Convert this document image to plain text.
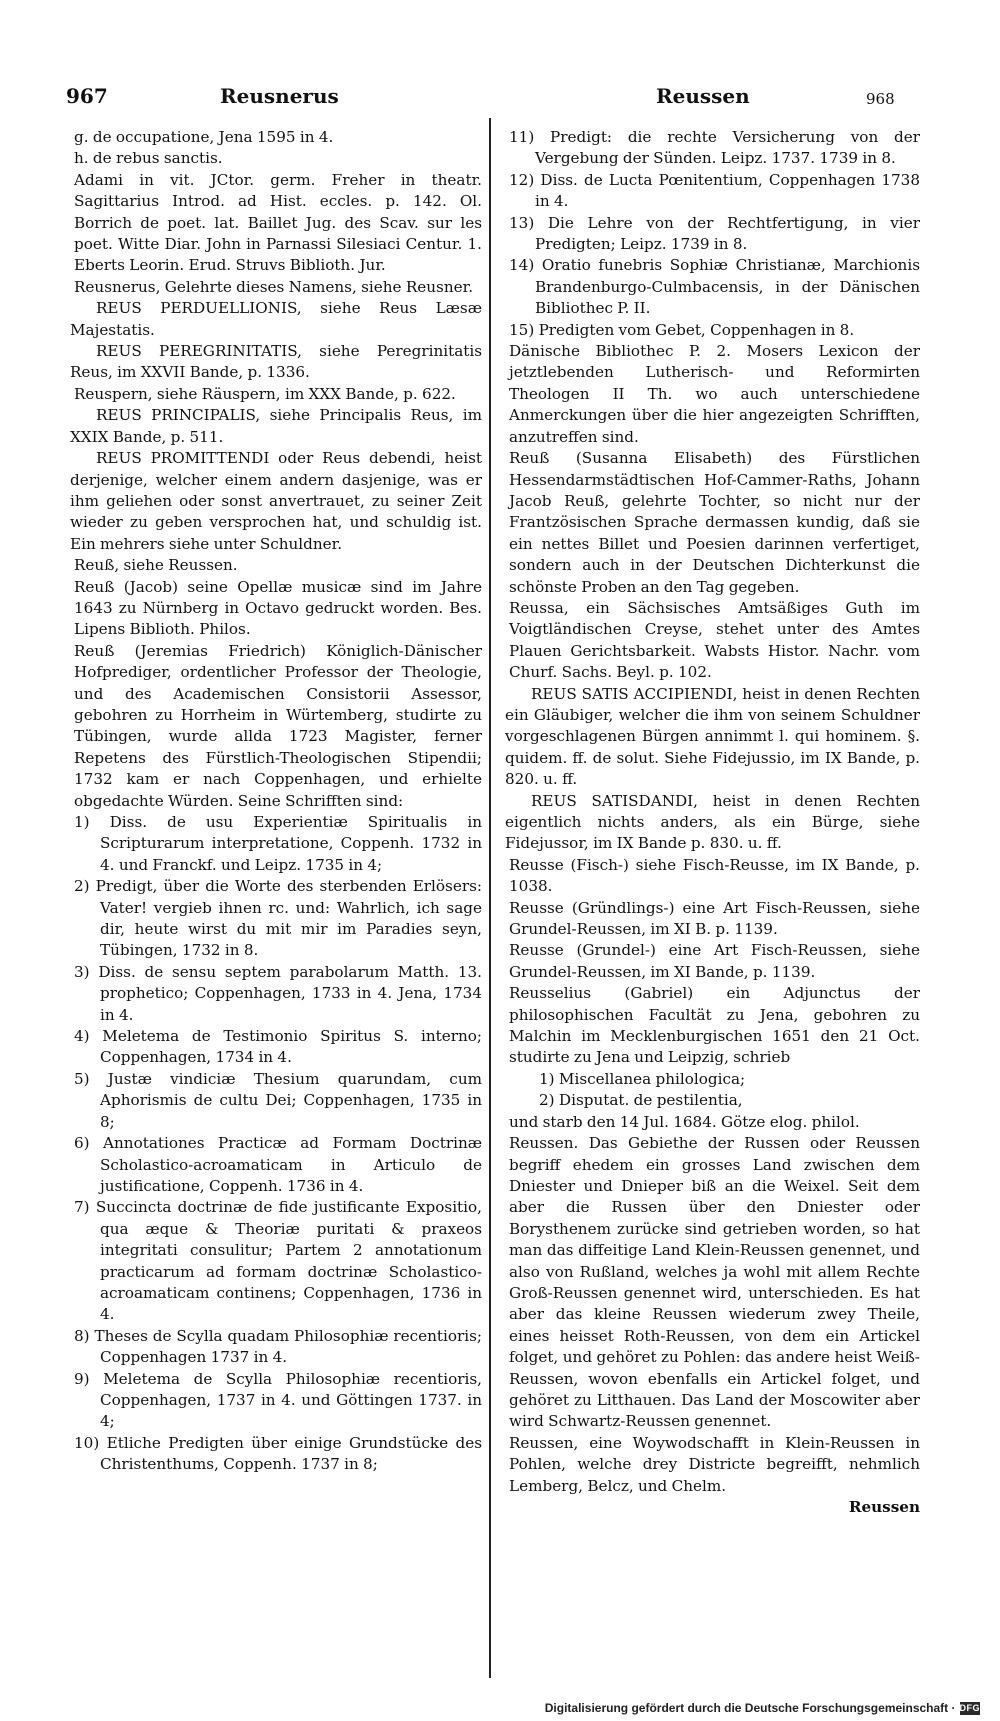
967	Reusnerus	Reussen	968

g. de occupatione, Jena 1595 in 4.

h. de rebus sanctis.

Adami in vit. JCtor. germ. Freher in theatr. Sagittarius Introd. ad Hist. eccles. p. 142. Ol. Borrich de poet. lat. Baillet Jug. des Scav. sur les poet. Witte Diar. John in Parnassi Silesiaci Centur. 1. Eberts Leorin. Erud. Struvs Biblioth. Jur.

Reusnerus, Gelehrte dieses Namens, siehe Reusner.

REUS PERDUELLIONIS, siehe Reus Læsæ Majestatis.

REUS PEREGRINITATIS, siehe Peregrinitatis Reus, im XXVII Bande, p. 1336.

Reuspern, siehe Räuspern, im XXX Bande, p. 622.

REUS PRINCIPALIS, siehe Principalis Reus, im XXIX Bande, p. 511.

REUS PROMITTENDI oder Reus debendi, heist derjenige, welcher einem andern dasjenige, was er ihm geliehen oder sonst anvertrauet, zu seiner Zeit wieder zu geben versprochen hat, und schuldig ist. Ein mehrers siehe unter Schuldner.

Reuß, siehe Reussen.

Reuß (Jacob) seine Opellæ musicæ sind im Jahre 1643 zu Nürnberg in Octavo gedruckt worden. Bes. Lipens Biblioth. Philos.

Reuß (Jeremias Friedrich) Königlich-Dänischer Hofprediger, ordentlicher Professor der Theologie, und des Academischen Consistorii Assessor, gebohren zu Horrheim in Würtemberg, studirte zu Tübingen, wurde allda 1723 Magister, ferner Repetens des Fürstlich-Theologischen Stipendii; 1732 kam er nach Coppenhagen, und erhielte obgedachte Würden. Seine Schrifften sind:

1) Diss. de usu Experientiæ Spiritualis in Scripturarum interpretatione, Coppenh. 1732 in 4. und Franckf. und Leipz. 1735 in 4;

2) Predigt, über die Worte des sterbenden Erlösers: Vater! vergieb ihnen rc. und: Wahrlich, ich sage dir, heute wirst du mit mir im Paradies seyn, Tübingen, 1732 in 8.

3) Diss. de sensu septem parabolarum Matth. 13. prophetico; Coppenhagen, 1733 in 4. Jena, 1734 in 4.

4) Meletema de Testimonio Spiritus S. interno; Coppenhagen, 1734 in 4.

5) Justæ vindiciæ Thesium quarundam, cum Aphorismis de cultu Dei; Coppenhagen, 1735 in 8;

6) Annotationes Practicæ ad Formam Doctrinæ Scholastico-acroamaticam in Articulo de justificatione, Coppenh. 1736 in 4.

7) Succincta doctrinæ de fide justificante Expositio, qua æque & Theoriæ puritati & praxeos integritati consulitur; Partem 2 annotationum practicarum ad formam doctrinæ Scholastico-acroamaticam continens; Coppenhagen, 1736 in 4.

8) Theses de Scylla quadam Philosophiæ recentioris; Coppenhagen 1737 in 4.

9) Meletema de Scylla Philosophiæ recentioris, Coppenhagen, 1737 in 4. und Göttingen 1737. in 4;

10) Etliche Predigten über einige Grundstücke des Christenthums, Coppenh. 1737 in 8;

11) Predigt: die rechte Versicherung von der Vergebung der Sünden. Leipz. 1737. 1739 in 8.

12) Diss. de Lucta Pœnitentium, Coppenhagen 1738 in 4.

13) Die Lehre von der Rechtfertigung, in vier Predigten; Leipz. 1739 in 8.

14) Oratio funebris Sophiæ Christianæ, Marchionis Brandenburgo-Culmbacensis, in der Dänischen Bibliothec P. II.

15) Predigten vom Gebet, Coppenhagen in 8.

Dänische Bibliothec P. 2. Mosers Lexicon der jetztlebenden Lutherisch- und Reformirten Theologen II Th. wo auch unterschiedene Anmerckungen über die hier angezeigten Schrifften, anzutreffen sind.

Reuß (Susanna Elisabeth) des Fürstlichen Hessendarmstädtischen Hof-Cammer-Raths, Johann Jacob Reuß, gelehrte Tochter, so nicht nur der Frantzösischen Sprache dermassen kundig, daß sie ein nettes Billet und Poesien darinnen verfertiget, sondern auch in der Deutschen Dichterkunst die schönste Proben an den Tag gegeben.

Reussa, ein Sächsisches Amtsäßiges Guth im Voigtländischen Creyse, stehet unter des Amtes Plauen Gerichtsbarkeit. Wabsts Histor. Nachr. vom Churf. Sachs. Beyl. p. 102.

REUS SATIS ACCIPIENDI, heist in denen Rechten ein Gläubiger, welcher die ihm von seinem Schuldner vorgeschlagenen Bürgen annimmt l. qui hominem. §. quidem. ff. de solut. Siehe Fidejussio, im IX Bande, p. 820. u. ff.

REUS SATISDANDI, heist in denen Rechten eigentlich nichts anders, als ein Bürge, siehe Fidejussor, im IX Bande p. 830. u. ff.

Reusse (Fisch-) siehe Fisch-Reusse, im IX Bande, p. 1038.

Reusse (Gründlings-) eine Art Fisch-Reussen, siehe Grundel-Reussen, im XI B. p. 1139.

Reusse (Grundel-) eine Art Fisch-Reussen, siehe Grundel-Reussen, im XI Bande, p. 1139.

Reusselius (Gabriel) ein Adjunctus der philosophischen Facultät zu Jena, gebohren zu Malchin im Mecklenburgischen 1651 den 21 Oct. studirte zu Jena und Leipzig, schrieb

1) Miscellanea philologica;

2) Disputat. de pestilentia,

und starb den 14 Jul. 1684. Götze elog. philol.

Reussen. Das Gebiethe der Russen oder Reussen begriff ehedem ein grosses Land zwischen dem Dniester und Dnieper biß an die Weixel. Seit dem aber die Russen über den Dniester oder Borysthenem zurücke sind getrieben worden, so hat man das diffeitige Land Klein-Reussen genennet, und also von Rußland, welches ja wohl mit allem Rechte Groß-Reussen genennet wird, unterschieden. Es hat aber das kleine Reussen wiederum zwey Theile, eines heisset Roth-Reussen, von dem ein Artickel folget, und gehöret zu Pohlen: das andere heist Weiß-Reussen, wovon ebenfalls ein Artickel folget, und gehöret zu Litthauen. Das Land der Moscowiter aber wird Schwartz-Reussen genennet.

Reussen, eine Woywodschafft in Klein-Reussen in Pohlen, welche drey Districte begreifft, nehmlich Lemberg, Belcz, und Chelm.

Reussen

Digitalisierung gefördert durch die Deutsche Forschungsgemeinschaft · DFG
